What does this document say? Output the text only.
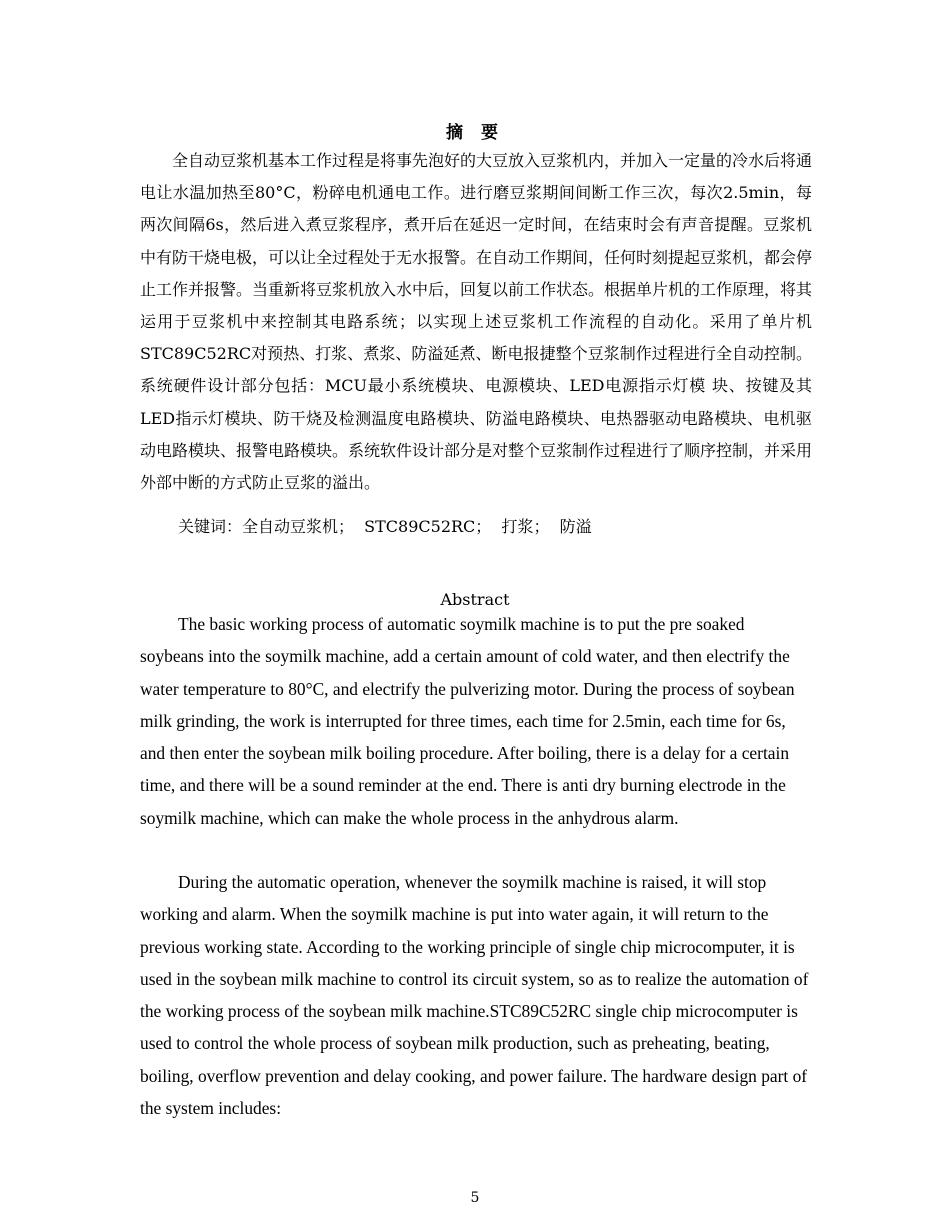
摘 要

全自动豆浆机基本工作过程是将事先泡好的大豆放入豆浆机内，并加入一定量的冷水后将通电让水温加热至80°C，粉碎电机通电工作。进行磨豆浆期间间断工作三次，每次2.5min，每两次间隔6s，然后进入煮豆浆程序，煮开后在延迟一定时间，在结束时会有声音提醒。豆浆机中有防干烧电极，可以让全过程处于无水报警。在自动工作期间，任何时刻提起豆浆机，都会停止工作并报警。当重新将豆浆机放入水中后，回复以前工作状态。根据单片机的工作原理，将其运用于豆浆机中来控制其电路系统；以实现上述豆浆机工作流程的自动化。采用了单片机STC89C52RC对预热、打浆、煮浆、防溢延煮、断电报捷整个豆浆制作过程进行全自动控制。系统硬件设计部分包括：MCU最小系统模块、电源模块、LED电源指示灯模 块、按键及其LED指示灯模块、防干烧及检测温度电路模块、防溢电路模块、电热器驱动电路模块、电机驱动电路模块、报警电路模块。系统软件设计部分是对整个豆浆制作过程进行了顺序控制，并采用外部中断的方式防止豆浆的溢出。

关键词：全自动豆浆机；  STC89C52RC；  打浆；  防溢
Abstract

The basic working process of automatic soymilk machine is to put the pre soaked soybeans into the soymilk machine, add a certain amount of cold water, and then electrify the water temperature to 80°C, and electrify the pulverizing motor. During the process of soybean milk grinding, the work is interrupted for three times, each time for 2.5min, each time for 6s, and then enter the soybean milk boiling procedure. After boiling, there is a delay for a certain time, and there will be a sound reminder at the end. There is anti dry burning electrode in the soymilk machine, which can make the whole process in the anhydrous alarm.

During the automatic operation, whenever the soymilk machine is raised, it will stop working and alarm. When the soymilk machine is put into water again, it will return to the previous working state. According to the working principle of single chip microcomputer, it is used in the soybean milk machine to control its circuit system, so as to realize the automation of the working process of the soybean milk machine.STC89C52RC single chip microcomputer is used to control the whole process of soybean milk production, such as preheating, beating, boiling, overflow prevention and delay cooking, and power failure. The hardware design part of the system includes:

5
